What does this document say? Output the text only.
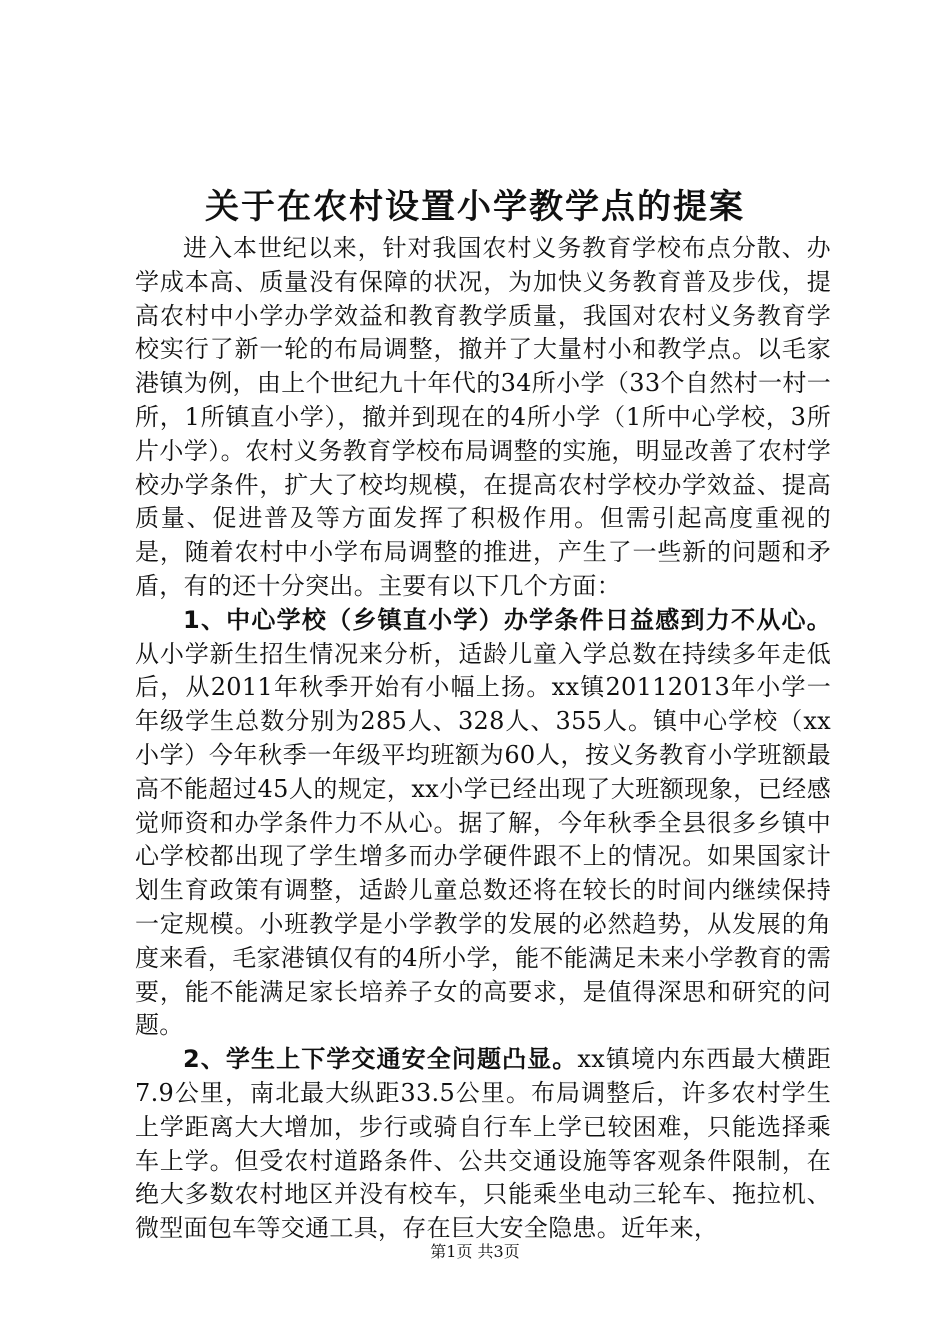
关于在农村设置小学教学点的提案

进入本世纪以来，针对我国农村义务教育学校布点分散、办学成本高、质量没有保障的状况，为加快义务教育普及步伐，提高农村中小学办学效益和教育教学质量，我国对农村义务教育学校实行了新一轮的布局调整，撤并了大量村小和教学点。以毛家港镇为例，由上个世纪九十年代的34所小学（33个自然村一村一所，1所镇直小学），撤并到现在的4所小学（1所中心学校，3所片小学）。农村义务教育学校布局调整的实施，明显改善了农村学校办学条件，扩大了校均规模，在提高农村学校办学效益、提高质量、促进普及等方面发挥了积极作用。但需引起高度重视的是，随着农村中小学布局调整的推进，产生了一些新的问题和矛盾，有的还十分突出。主要有以下几个方面：

1、中心学校（乡镇直小学）办学条件日益感到力不从心。从小学新生招生情况来分析，适龄儿童入学总数在持续多年走低后，从2011年秋季开始有小幅上扬。xx镇20112013年小学一年级学生总数分别为285人、328人、355人。镇中心学校（xx小学）今年秋季一年级平均班额为60人，按义务教育小学班额最高不能超过45人的规定，xx小学已经出现了大班额现象，已经感觉师资和办学条件力不从心。据了解，今年秋季全县很多乡镇中心学校都出现了学生增多而办学硬件跟不上的情况。如果国家计划生育政策有调整，适龄儿童总数还将在较长的时间内继续保持一定规模。小班教学是小学教学的发展的必然趋势，从发展的角度来看，毛家港镇仅有的4所小学，能不能满足未来小学教育的需要，能不能满足家长培养子女的高要求，是值得深思和研究的问题。

2、学生上下学交通安全问题凸显。xx镇境内东西最大横距7.9公里，南北最大纵距33.5公里。布局调整后，许多农村学生上学距离大大增加，步行或骑自行车上学已较困难，只能选择乘车上学。但受农村道路条件、公共交通设施等客观条件限制，在绝大多数农村地区并没有校车，只能乘坐电动三轮车、拖拉机、微型面包车等交通工具，存在巨大安全隐患。近年来，

第1页 共3页
